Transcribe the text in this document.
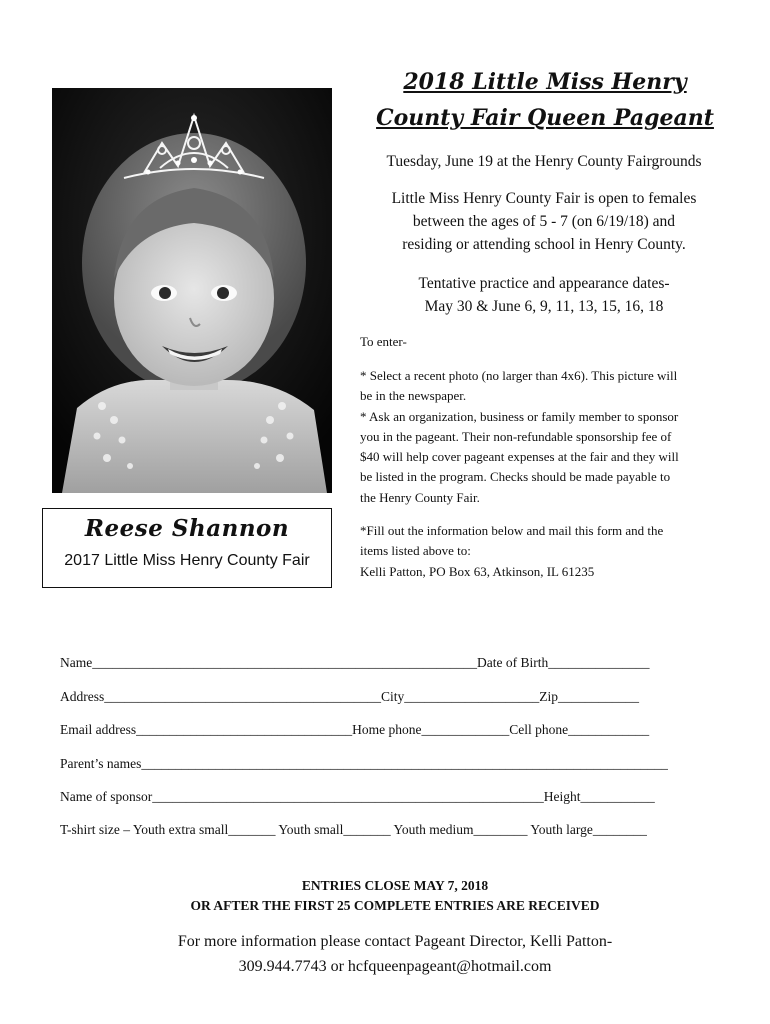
Reese Shannon
2017 Little Miss Henry County Fair
2018 Little Miss Henry
County Fair Queen Pageant
Tuesday, June 19 at the Henry County Fairgrounds
Little Miss Henry County Fair is open to females
between the ages of 5 - 7 (on 6/19/18) and
residing or attending school in Henry County.
Tentative practice and appearance dates-
May 30 & June 6, 9, 11, 13, 15, 16, 18
To enter-
* Select a recent photo (no larger than 4x6). This picture will
be in the newspaper.
* Ask an organization, business or family member to sponsor
you in the pageant. Their non-refundable sponsorship fee of
$40 will help cover pageant expenses at the fair and they will
be listed in the program. Checks should be made payable to
the Henry County Fair.
*Fill out the information below and mail this form and the
items listed above to:
Kelli Patton, PO Box 63, Atkinson, IL 61235
Name_________________________________________________________Date of Birth_______________
Address_________________________________________City____________________Zip____________
Email address________________________________Home phone_____________Cell phone____________
Parent’s names______________________________________________________________________________
Name of sponsor__________________________________________________________Height___________
T-shirt size – Youth extra small_______ Youth small_______ Youth medium________ Youth large________
ENTRIES CLOSE MAY 7, 2018
OR AFTER THE FIRST 25 COMPLETE ENTRIES ARE RECEIVED
For more information please contact Pageant Director, Kelli Patton-
309.944.7743 or hcfqueenpageant@hotmail.com
